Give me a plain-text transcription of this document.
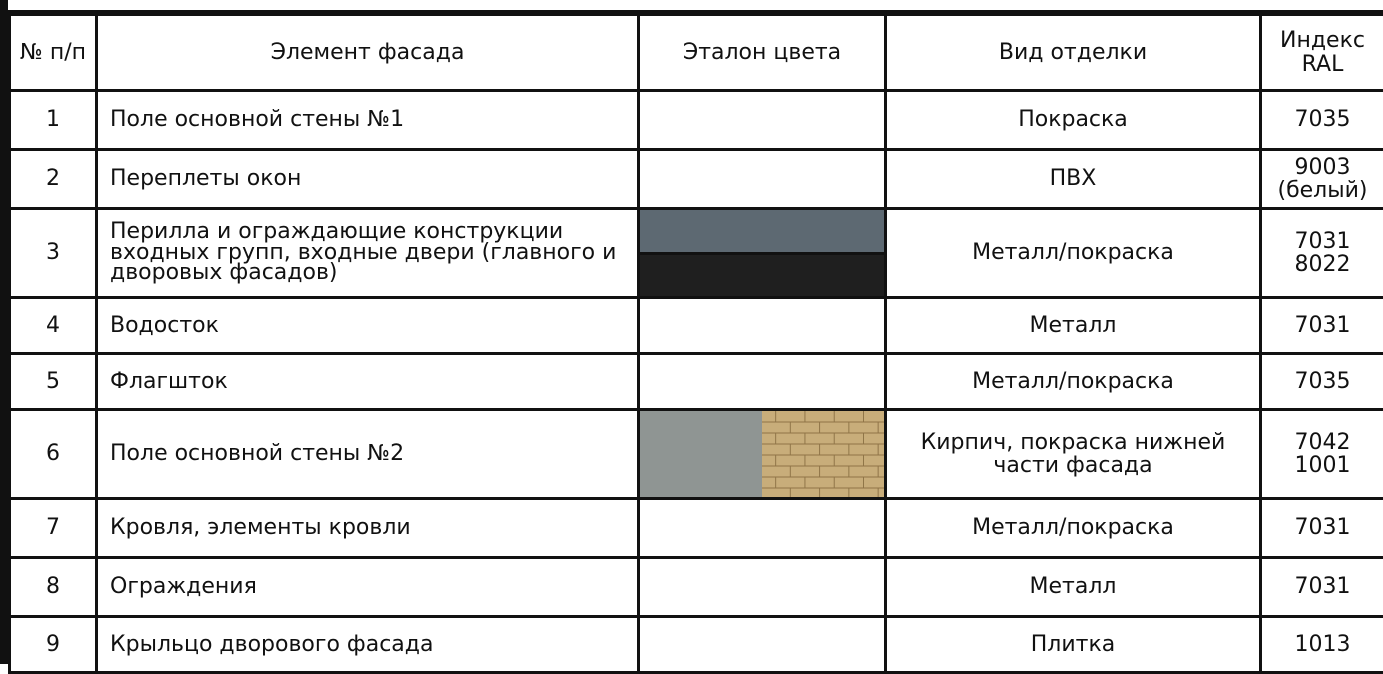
№ п/п	Элемент фасада	Эталон цвета	Вид отделки	Индекс RAL
1	Поле основной стены №1		Покраска	7035
2	Переплеты окон		ПВХ	9003 (белый)
3	Перилла и ограждающие конструкции входных групп, входные двери (главного и дворовых фасадов)		Металл/покраска	7031 8022
4	Водосток		Металл	7031
5	Флагшток		Металл/покраска	7035
6	Поле основной стены №2		Кирпич, покраска нижней части фасада	7042 1001
7	Кровля, элементы кровли		Металл/покраска	7031
8	Ограждения		Металл	7031
9	Крыльцо дворового фасада		Плитка	1013
